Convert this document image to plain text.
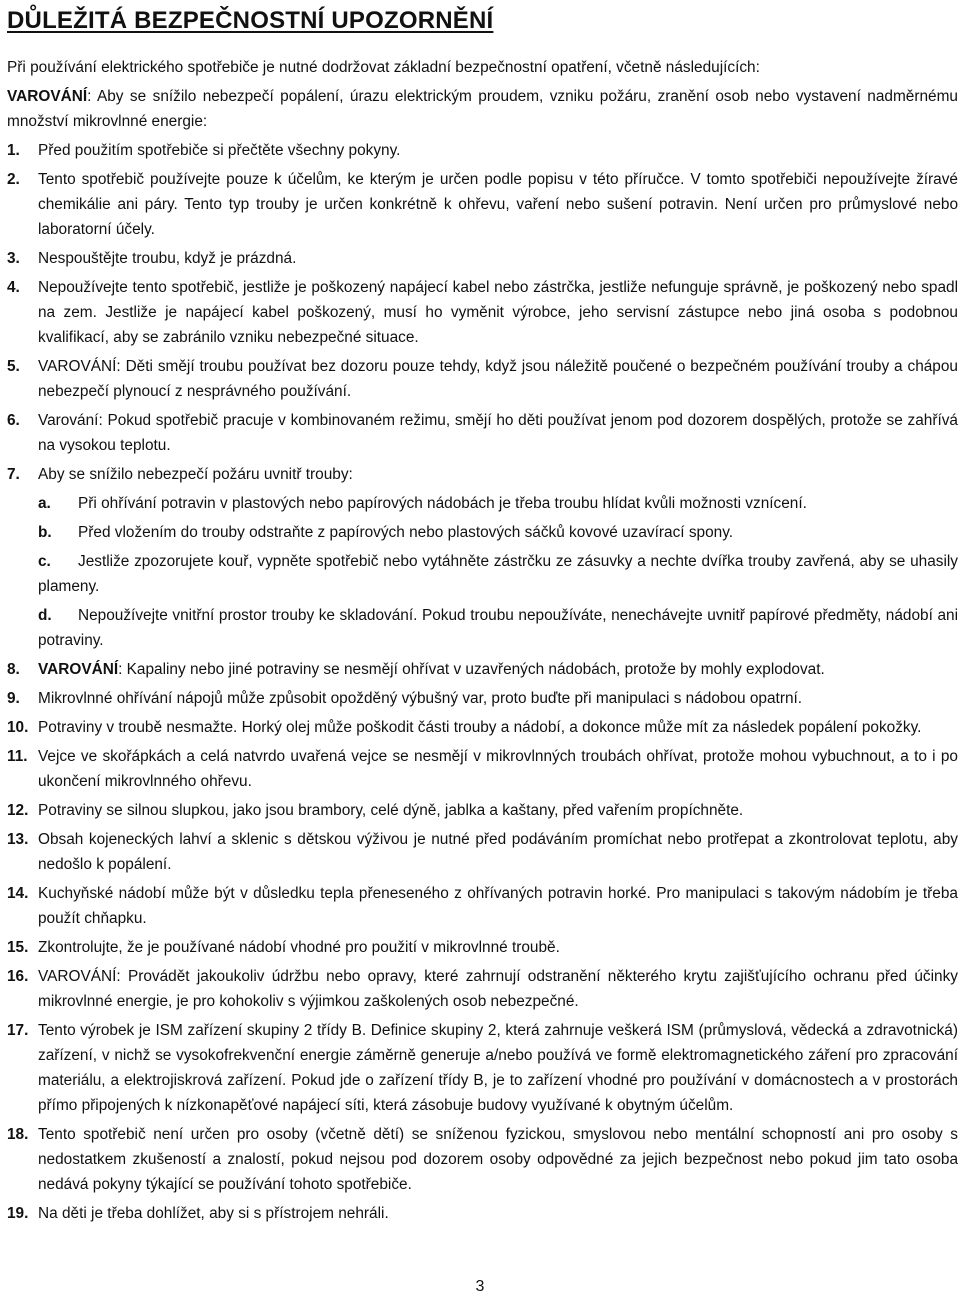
DŮLEŽITÁ BEZPEČNOSTNÍ UPOZORNĚNÍ

Při používání elektrického spotřebiče je nutné dodržovat základní bezpečnostní opatření, včetně následujících:

VAROVÁNÍ: Aby se snížilo nebezpečí popálení, úrazu elektrickým proudem, vzniku požáru, zranění osob nebo vystavení nadměrnému množství mikrovlnné energie:

1. Před použitím spotřebiče si přečtěte všechny pokyny.
2. Tento spotřebič používejte pouze k účelům, ke kterým je určen podle popisu v této příručce. V tomto spotřebiči nepoužívejte žíravé chemikálie ani páry. Tento typ trouby je určen konkrétně k ohřevu, vaření nebo sušení potravin. Není určen pro průmyslové nebo laboratorní účely.
3. Nespouštějte troubu, když je prázdná.
4. Nepoužívejte tento spotřebič, jestliže je poškozený napájecí kabel nebo zástrčka, jestliže nefunguje správně, je poškozený nebo spadl na zem. Jestliže je napájecí kabel poškozený, musí ho vyměnit výrobce, jeho servisní zástupce nebo jiná osoba s podobnou kvalifikací, aby se zabránilo vzniku nebezpečné situace.
5. VAROVÁNÍ: Děti smějí troubu používat bez dozoru pouze tehdy, když jsou náležitě poučené o bezpečném používání trouby a chápou nebezpečí plynoucí z nesprávného používání.
6. Varování: Pokud spotřebič pracuje v kombinovaném režimu, smějí ho děti používat jenom pod dozorem dospělých, protože se zahřívá na vysokou teplotu.
7. Aby se snížilo nebezpečí požáru uvnitř trouby:
a. Při ohřívání potravin v plastových nebo papírových nádobách je třeba troubu hlídat kvůli možnosti vznícení.
b. Před vložením do trouby odstraňte z papírových nebo plastových sáčků kovové uzavírací spony.
c. Jestliže zpozorujete kouř, vypněte spotřebič nebo vytáhněte zástrčku ze zásuvky a nechte dvířka trouby zavřená, aby se uhasily plameny.
d. Nepoužívejte vnitřní prostor trouby ke skladování. Pokud troubu nepoužíváte, nenechávejte uvnitř papírové předměty, nádobí ani potraviny.
8. VAROVÁNÍ: Kapaliny nebo jiné potraviny se nesmějí ohřívat v uzavřených nádobách, protože by mohly explodovat.
9. Mikrovlnné ohřívání nápojů může způsobit opožděný výbušný var, proto buďte při manipulaci s nádobou opatrní.
10. Potraviny v troubě nesmažte. Horký olej může poškodit části trouby a nádobí, a dokonce může mít za následek popálení pokožky.
11. Vejce ve skořápkách a celá natvrdo uvařená vejce se nesmějí v mikrovlnných troubách ohřívat, protože mohou vybuchnout, a to i po ukončení mikrovlnného ohřevu.
12. Potraviny se silnou slupkou, jako jsou brambory, celé dýně, jablka a kaštany, před vařením propíchněte.
13. Obsah kojeneckých lahví a sklenic s dětskou výživou je nutné před podáváním promíchat nebo protřepat a zkontrolovat teplotu, aby nedošlo k popálení.
14. Kuchyňské nádobí může být v důsledku tepla přeneseného z ohřívaných potravin horké. Pro manipulaci s takovým nádobím je třeba použít chňapku.
15. Zkontrolujte, že je používané nádobí vhodné pro použití v mikrovlnné troubě.
16. VAROVÁNÍ: Provádět jakoukoliv údržbu nebo opravy, které zahrnují odstranění některého krytu zajišťujícího ochranu před účinky mikrovlnné energie, je pro kohokoliv s výjimkou zaškolených osob nebezpečné.
17. Tento výrobek je ISM zařízení skupiny 2 třídy B. Definice skupiny 2, která zahrnuje veškerá ISM (průmyslová, vědecká a zdravotnická) zařízení, v nichž se vysokofrekvenční energie záměrně generuje a/nebo používá ve formě elektromagnetického záření pro zpracování materiálu, a elektrojiskrová zařízení. Pokud jde o zařízení třídy B, je to zařízení vhodné pro používání v domácnostech a v prostorách přímo připojených k nízkonapěťové napájecí síti, která zásobuje budovy využívané k obytným účelům.
18. Tento spotřebič není určen pro osoby (včetně dětí) se sníženou fyzickou, smyslovou nebo mentální schopností ani pro osoby s nedostatkem zkušeností a znalostí, pokud nejsou pod dozorem osoby odpovědné za jejich bezpečnost nebo pokud jim tato osoba nedává pokyny týkající se používání tohoto spotřebiče.
19. Na děti je třeba dohlížet, aby si s přístrojem nehráli.
3
